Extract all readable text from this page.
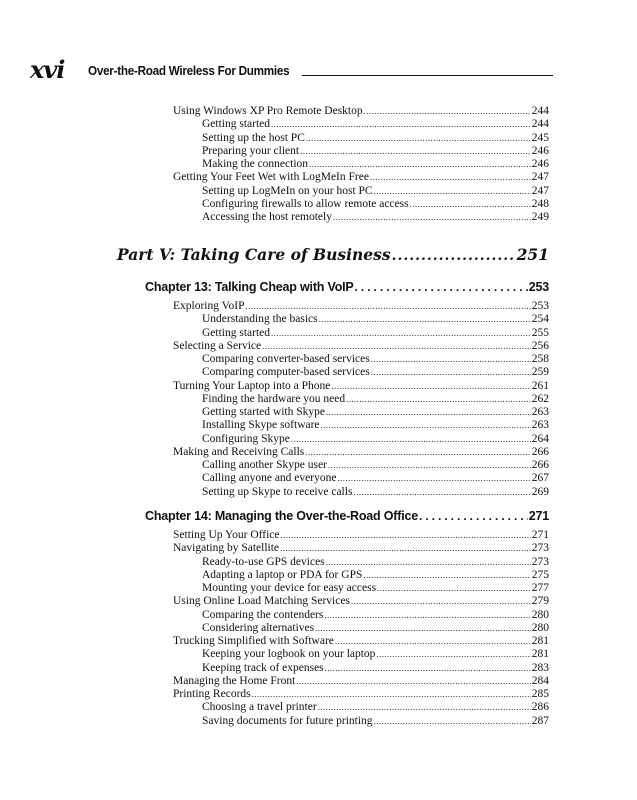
xvi Over-the-Road Wireless For Dummies
Using Windows XP Pro Remote Desktop .....	244
Getting started .....	244
Setting up the host PC .....	245
Preparing your client .....	246
Making the connection .....	246
Getting Your Feet Wet with LogMeIn Free .....	247
Setting up LogMeIn on your host PC .....	247
Configuring firewalls to allow remote access .....	248
Accessing the host remotely .....	249
Part V: Taking Care of Business .....	251
Chapter 13: Talking Cheap with VoIP .....	253
Exploring VoIP .....	253
Understanding the basics .....	254
Getting started .....	255
Selecting a Service .....	256
Comparing converter-based services .....	258
Comparing computer-based services .....	259
Turning Your Laptop into a Phone .....	261
Finding the hardware you need .....	262
Getting started with Skype .....	263
Installing Skype software .....	263
Configuring Skype .....	264
Making and Receiving Calls .....	266
Calling another Skype user .....	266
Calling anyone and everyone .....	267
Setting up Skype to receive calls .....	269
Chapter 14: Managing the Over-the-Road Office .....	271
Setting Up Your Office .....	271
Navigating by Satellite .....	273
Ready-to-use GPS devices .....	273
Adapting a laptop or PDA for GPS .....	275
Mounting your device for easy access .....	277
Using Online Load Matching Services .....	279
Comparing the contenders .....	280
Considering alternatives .....	280
Trucking Simplified with Software .....	281
Keeping your logbook on your laptop .....	281
Keeping track of expenses .....	283
Managing the Home Front .....	284
Printing Records .....	285
Choosing a travel printer .....	286
Saving documents for future printing .....	287
